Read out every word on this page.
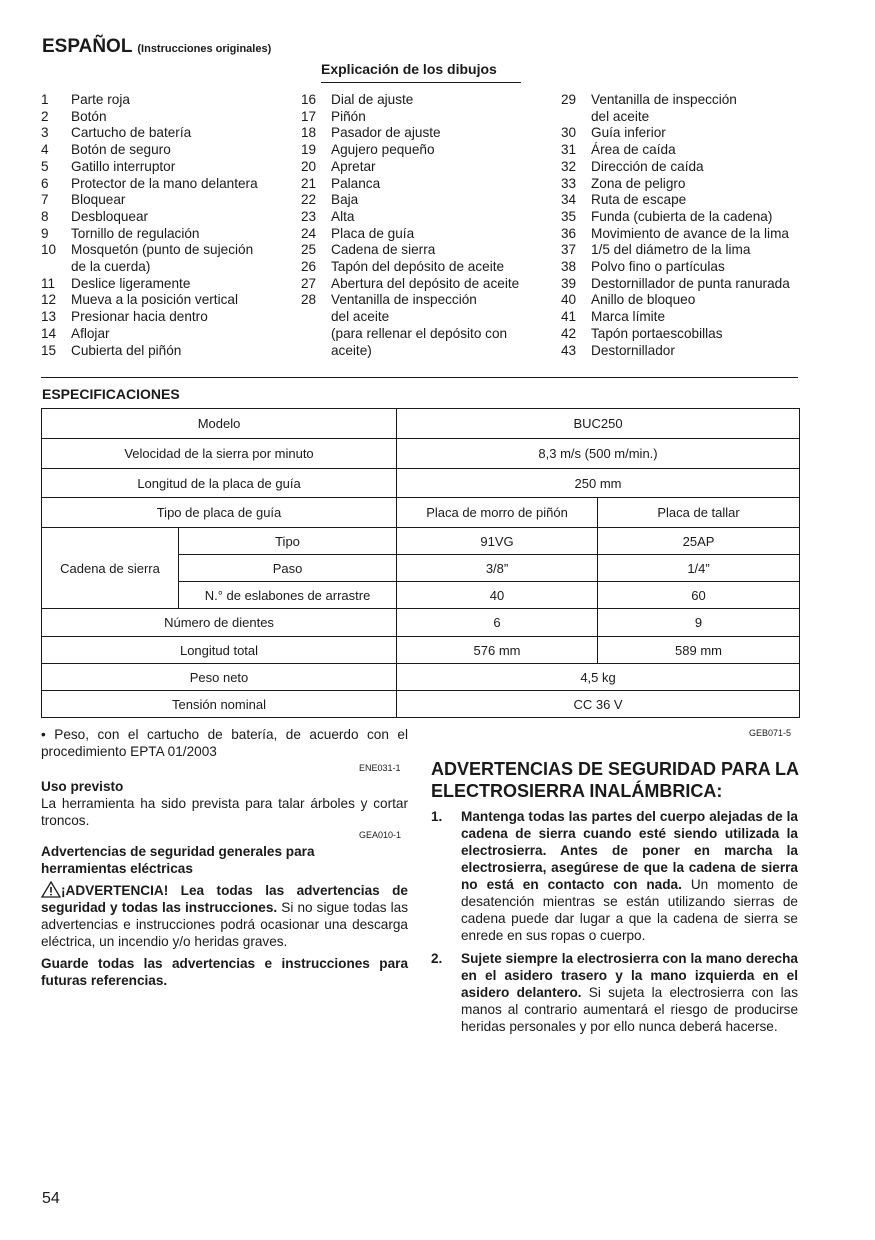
ESPAÑOL (Instrucciones originales)
Explicación de los dibujos
1	Parte roja
2	Botón
3	Cartucho de batería
4	Botón de seguro
5	Gatillo interruptor
6	Protector de la mano delantera
7	Bloquear
8	Desbloquear
9	Tornillo de regulación
10	Mosquetón (punto de sujeción
de la cuerda)
11	Deslice ligeramente
12	Mueva a la posición vertical
13	Presionar hacia dentro
14	Aflojar
15	Cubierta del piñón
16	Dial de ajuste
17	Piñón
18	Pasador de ajuste
19	Agujero pequeño
20	Apretar
21	Palanca
22	Baja
23	Alta
24	Placa de guía
25	Cadena de sierra
26	Tapón del depósito de aceite
27	Abertura del depósito de aceite
28	Ventanilla de inspección
del aceite
(para rellenar el depósito con
aceite)
29	Ventanilla de inspección
del aceite
30	Guía inferior
31	Área de caída
32	Dirección de caída
33	Zona de peligro
34	Ruta de escape
35	Funda (cubierta de la cadena)
36	Movimiento de avance de la lima
37	1/5 del diámetro de la lima
38	Polvo fino o partículas
39	Destornillador de punta ranurada
40	Anillo de bloqueo
41	Marca límite
42	Tapón portaescobillas
43	Destornillador
ESPECIFICACIONES
Modelo		BUC250	
Velocidad de la sierra por minuto		8,3 m/s (500 m/min.)	
Longitud de la placa de guía		250 mm	
Tipo de placa de guía		Placa de morro de piñón	Placa de tallar
Cadena de sierra	Tipo	91VG	25AP
	Paso	3/8”	1/4”
	N.° de eslabones de arrastre	40	60
Número de dientes		6	9
Longitud total		576 mm	589 mm
Peso neto		4,5 kg	
Tensión nominal		CC 36 V	
• Peso, con el cartucho de batería, de acuerdo con el procedimiento EPTA 01/2003
ENE031-1
Uso previsto
La herramienta ha sido prevista para talar árboles y cortar troncos.
GEA010-1
Advertencias de seguridad generales para herramientas eléctricas
¡ADVERTENCIA! Lea todas las advertencias de seguridad y todas las instrucciones. Si no sigue todas las advertencias e instrucciones podrá ocasionar una descarga eléctrica, un incendio y/o heridas graves.
Guarde todas las advertencias e instrucciones para futuras referencias.
GEB071-5
ADVERTENCIAS DE SEGURIDAD PARA LA ELECTROSIERRA INALÁMBRICA:
1.	Mantenga todas las partes del cuerpo alejadas de la cadena de sierra cuando esté siendo utilizada la electrosierra. Antes de poner en marcha la electrosierra, asegúrese de que la cadena de sierra no está en contacto con nada. Un momento de desatención mientras se están utilizando sierras de cadena puede dar lugar a que la cadena de sierra se enrede en sus ropas o cuerpo.
2.	Sujete siempre la electrosierra con la mano derecha en el asidero trasero y la mano izquierda en el asidero delantero. Si sujeta la electrosierra con las manos al contrario aumentará el riesgo de producirse heridas personales y por ello nunca deberá hacerse.
54
